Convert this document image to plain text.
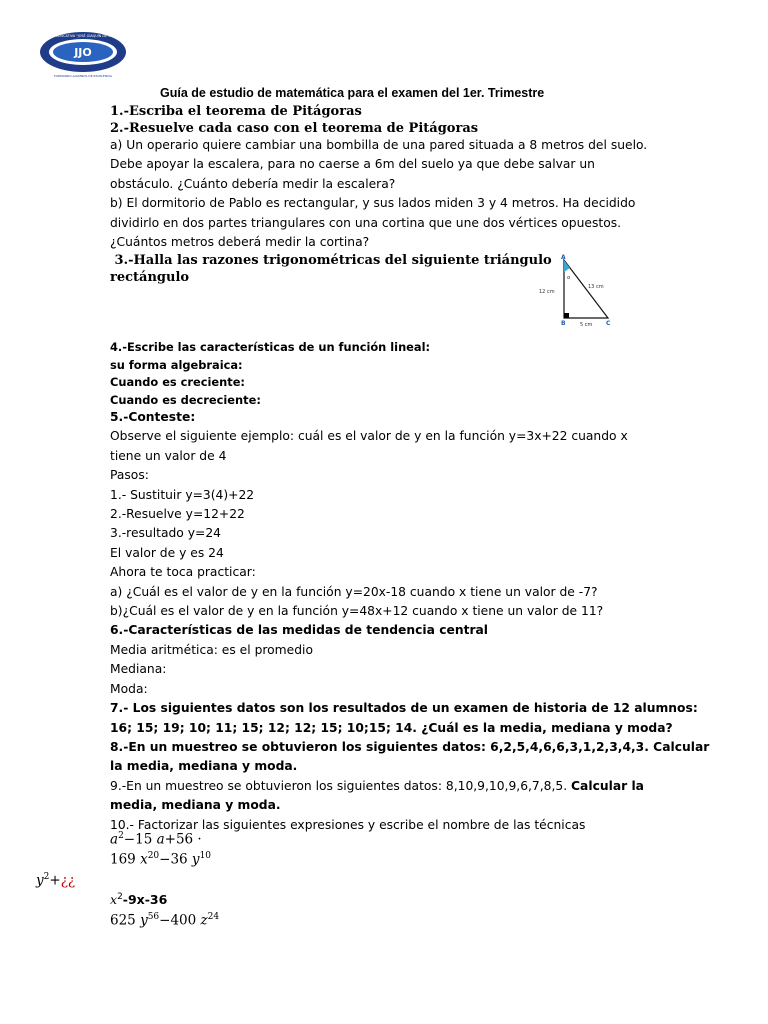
JJO
UNIDAD EDUCATIVA "JOSÉ JOAQUÍN DE OLMEDO"
FORMANDO ALUMNOS DE EXCELENCIA
Guía de estudio de matemática para el examen del 1er. Trimestre
1.-Escriba el teorema de Pitágoras
2.-Resuelve cada caso con el teorema de Pitágoras
a) Un operario quiere cambiar una bombilla de una pared situada a 8 metros del suelo.
Debe apoyar la escalera, para no caerse a 6m del suelo ya que debe salvar un
obstáculo. ¿Cuánto debería medir la escalera?
b) El dormitorio de Pablo es rectangular, y sus lados miden 3 y 4 metros. Ha decidido
dividirlo en dos partes triangulares con una cortina que une dos vértices opuestos.
¿Cuántos metros deberá medir la cortina?
3.-Halla las razones trigonométricas del siguiente triángulo
rectángulo
A
B	C
α
12 cm
13 cm
5 cm
4.-Escribe las características de un función lineal:
su forma algebraica:
Cuando es creciente:
Cuando es decreciente:
5.-Conteste:
Observe el siguiente ejemplo: cuál es el valor de y en la función y=3x+22 cuando x
tiene un valor de 4
Pasos:
1.- Sustituir y=3(4)+22
2.-Resuelve y=12+22
3.-resultado y=24
El valor de y es 24
Ahora te toca practicar:
a) ¿Cuál es el valor de y en la función y=20x-18 cuando x tiene un valor de -7?
b)¿Cuál es el valor de y en la función y=48x+12 cuando x tiene un valor de 11?
6.-Características de las medidas de tendencia central
Media aritmética: es el promedio
Mediana:
Moda:
7.- Los siguientes datos son los resultados de un examen de historia de 12 alumnos:
16; 15; 19; 10; 11; 15; 12; 12; 15; 10;15; 14. ¿Cuál es la media, mediana y moda?
8.-En un muestreo se obtuvieron los siguientes datos: 6,2,5,4,6,6,3,1,2,3,4,3. Calcular
la media, mediana y moda.
9.-En un muestreo se obtuvieron los siguientes datos: 8,10,9,10,9,6,7,8,5. Calcular la
media, mediana y moda.
10.- Factorizar las siguientes expresiones y escribe el nombre de las técnicas
$a^2-15$ a+56 ·
169 $x^{20}-36$ $y^{10}$
$y^2+¿¿$
$x^2-9x-36$
625 $y^{56}-400$ $z^{24}$
